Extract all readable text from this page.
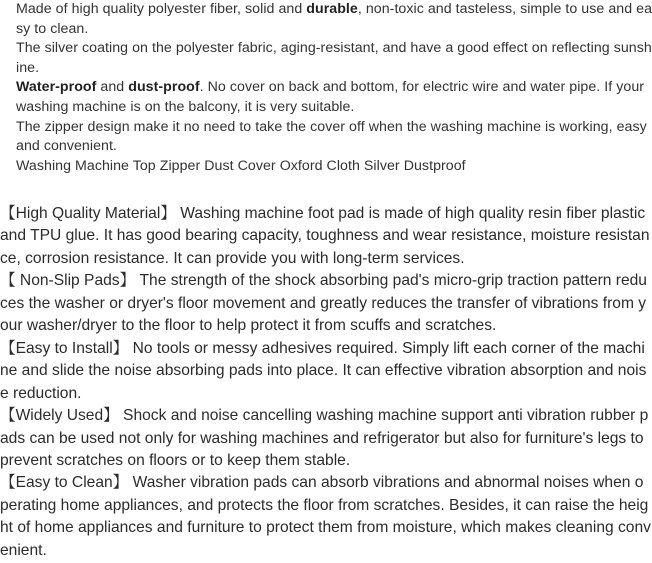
Made of high quality polyester fiber, solid and durable, non-toxic and tasteless, simple to use and easy to clean.

The silver coating on the polyester fabric, aging-resistant, and have a good effect on reflecting sunshine.

Water-proof and dust-proof. No cover on back and bottom, for electric wire and water pipe. If your washing machine is on the balcony, it is very suitable.

The zipper design make it no need to take the cover off when the washing machine is working, easy and convenient.

Washing Machine Top Zipper Dust Cover Oxford Cloth Silver Dustproof

【High Quality Material】 Washing machine foot pad is made of high quality resin fiber plastic and TPU glue. It has good bearing capacity, toughness and wear resistance, moisture resistance, corrosion resistance. It can provide you with long-term services.

【 Non-Slip Pads】 The strength of the shock absorbing pad's micro-grip traction pattern reduces the washer or dryer's floor movement and greatly reduces the transfer of vibrations from your washer/dryer to the floor to help protect it from scuffs and scratches.

【Easy to Install】 No tools or messy adhesives required. Simply lift each corner of the machine and slide the noise absorbing pads into place. It can effective vibration absorption and noise reduction.

【Widely Used】 Shock and noise cancelling washing machine support anti vibration rubber pads can be used not only for washing machines and refrigerator but also for furniture's legs to prevent scratches on floors or to keep them stable.

【Easy to Clean】 Washer vibration pads can absorb vibrations and abnormal noises when operating home appliances, and protects the floor from scratches. Besides, it can raise the height of home appliances and furniture to protect them from moisture, which makes cleaning convenient.
